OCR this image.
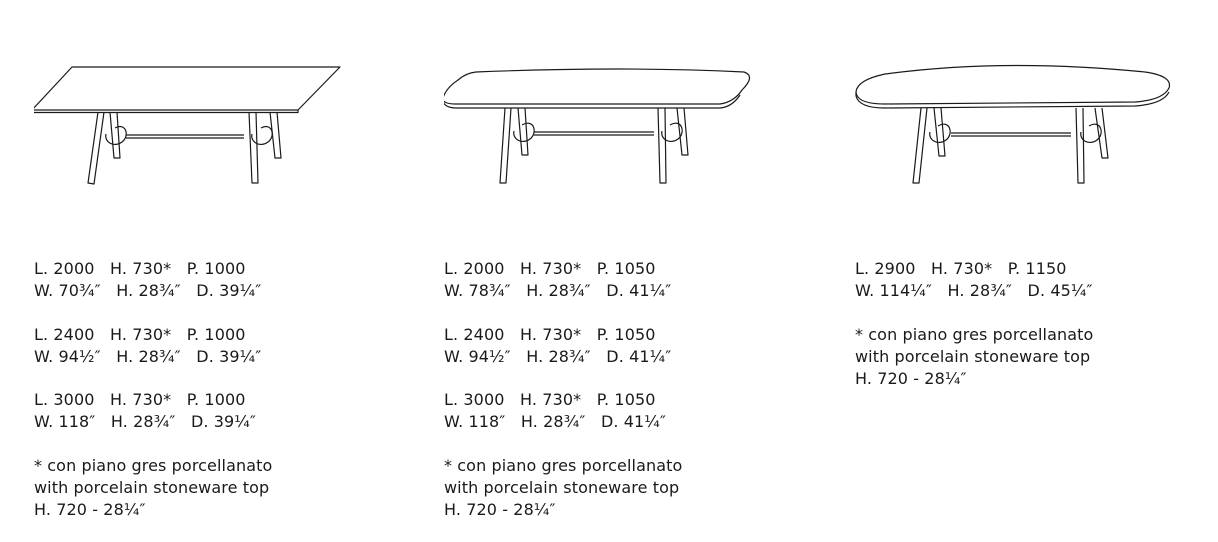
L. 2000   H. 730*   P. 1000
W. 70¾″   H. 28¾″   D. 39¼″
L. 2400   H. 730*   P. 1000
W. 94½″   H. 28¾″   D. 39¼″
L. 3000   H. 730*   P. 1000
W. 118″   H. 28¾″   D. 39¼″
* con piano gres porcellanato
with porcelain stoneware top
H. 720 - 28¼″
L. 2000   H. 730*   P. 1050
W. 78¾″   H. 28¾″   D. 41¼″
L. 2400   H. 730*   P. 1050
W. 94½″   H. 28¾″   D. 41¼″
L. 3000   H. 730*   P. 1050
W. 118″   H. 28¾″   D. 41¼″
* con piano gres porcellanato
with porcelain stoneware top
H. 720 - 28¼″
L. 2900   H. 730*   P. 1150
W. 114¼″   H. 28¾″   D. 45¼″
* con piano gres porcellanato
with porcelain stoneware top
H. 720 - 28¼″
